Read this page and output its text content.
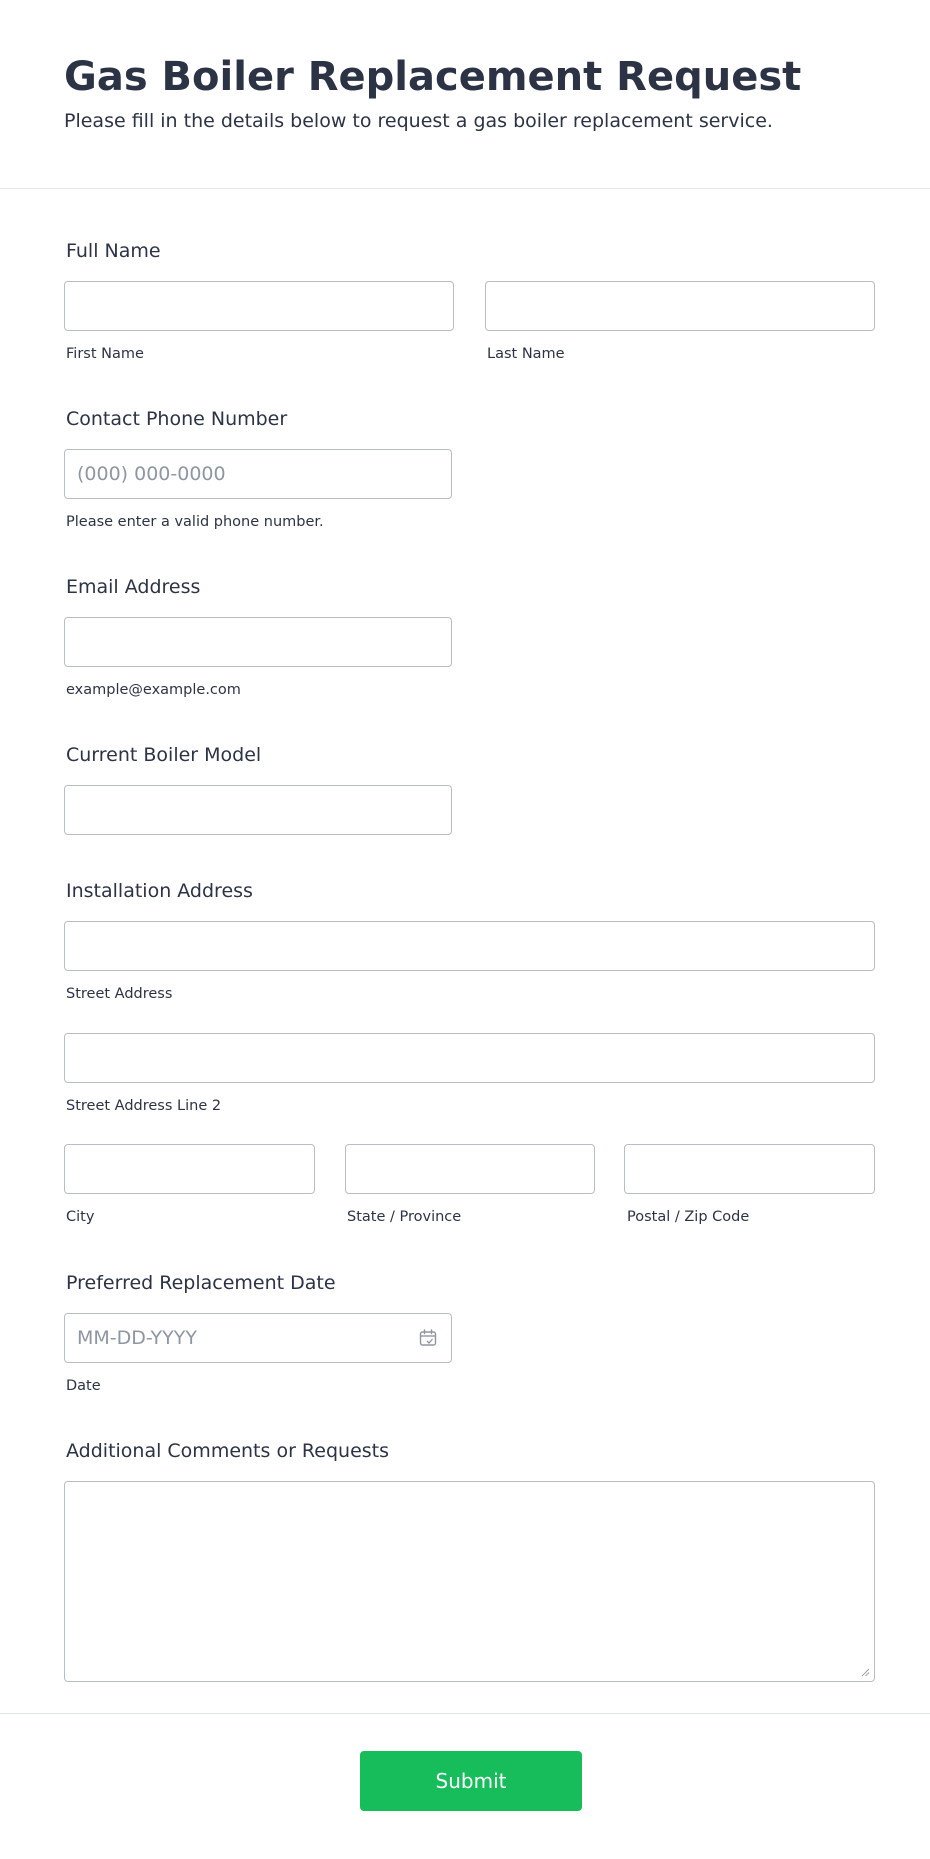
Gas Boiler Replacement Request

Please fill in the details below to request a gas boiler replacement service.

Full Name
First Name	Last Name
Contact Phone Number
(000) 000-0000
Please enter a valid phone number.
Email Address
example@example.com
Current Boiler Model
Installation Address
Street Address
Street Address Line 2
City	State / Province	Postal / Zip Code
Preferred Replacement Date
MM-DD-YYYY
Date
Additional Comments or Requests
Submit
